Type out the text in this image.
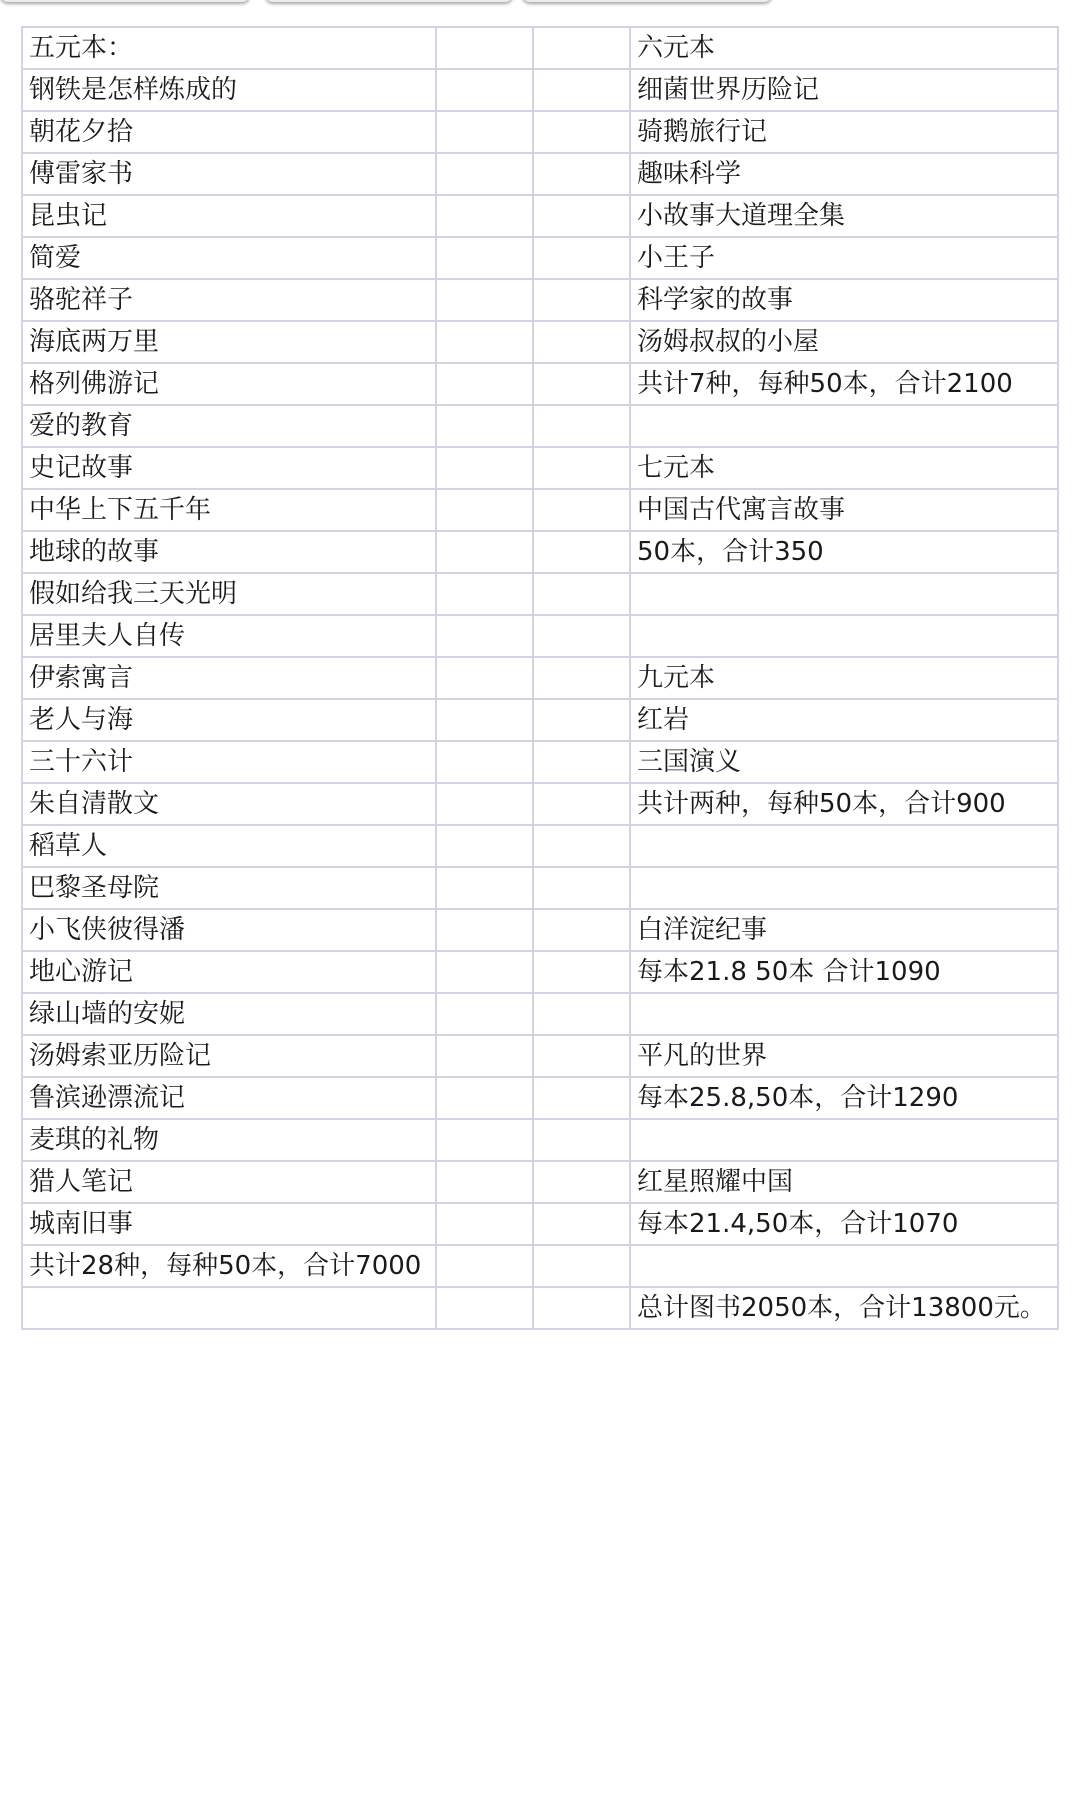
五元本：			六元本
钢铁是怎样炼成的			细菌世界历险记
朝花夕拾			骑鹅旅行记
傅雷家书			趣味科学
昆虫记			小故事大道理全集
简爱			小王子
骆驼祥子			科学家的故事
海底两万里			汤姆叔叔的小屋
格列佛游记			共计7种，每种50本，合计2100
爱的教育			
史记故事			七元本
中华上下五千年			中国古代寓言故事
地球的故事			50本，合计350
假如给我三天光明			
居里夫人自传			
伊索寓言			九元本
老人与海			红岩
三十六计			三国演义
朱自清散文			共计两种，每种50本，合计900
稻草人			
巴黎圣母院			
小飞侠彼得潘			白洋淀纪事
地心游记			每本21.8 50本 合计1090
绿山墙的安妮			
汤姆索亚历险记			平凡的世界
鲁滨逊漂流记			每本25.8,50本，合计1290
麦琪的礼物			
猎人笔记			红星照耀中国
城南旧事			每本21.4,50本，合计1070
共计28种，每种50本，合计7000			
			总计图书2050本，合计13800元。
